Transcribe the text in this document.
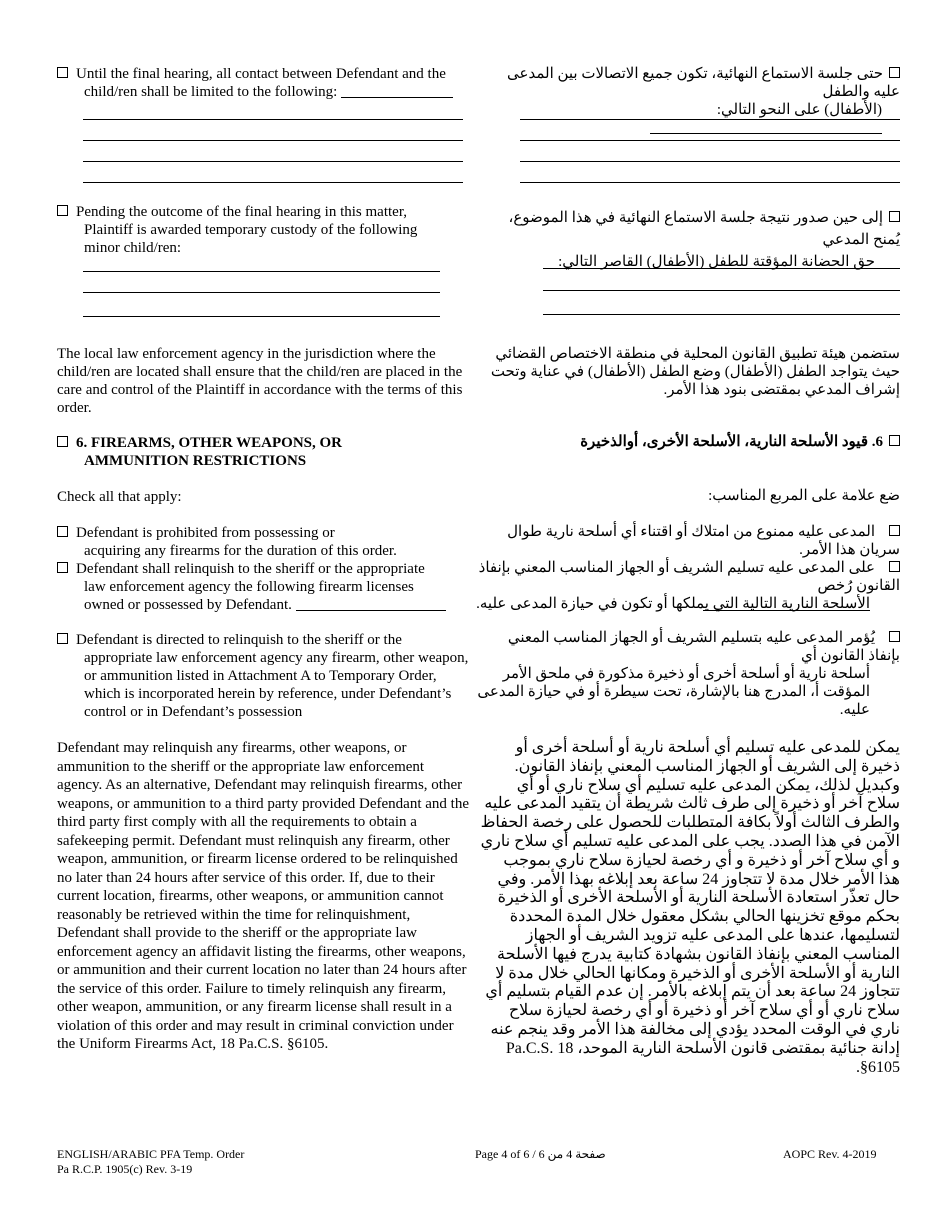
Until the final hearing, all contact between Defendant and the
child/ren shall be limited to the following:
Pending the outcome of the final hearing in this matter,
Plaintiff is awarded temporary custody of the following
minor child/ren:
The local law enforcement agency in the jurisdiction where the child/ren are located shall ensure that the child/ren are placed in the care and control of the Plaintiff in accordance with the terms of this order.
6. FIREARMS, OTHER WEAPONS, OR
AMMUNITION RESTRICTIONS
Check all that apply:
Defendant is prohibited from possessing or
acquiring any firearms for the duration of this order.
Defendant shall relinquish to the sheriff or the appropriate
law enforcement agency the following firearm licenses
owned or possessed by Defendant.
Defendant is directed to relinquish to the sheriff or the
appropriate law enforcement agency any firearm, other weapon, or ammunition listed in Attachment A to Temporary Order, which is incorporated herein by reference, under Defendant’s control or in Defendant’s possession
Defendant may relinquish any firearms, other weapons, or ammunition to the sheriff or the appropriate law enforcement agency. As an alternative, Defendant may relinquish firearms, other weapons, or ammunition to a third party provided Defendant and the third party first comply with all the requirements to obtain a safekeeping permit. Defendant must relinquish any firearm, other weapon, ammunition, or firearm license ordered to be relinquished no later than 24 hours after service of this order. If, due to their current location, firearms, other weapons, or ammunition cannot reasonably be retrieved within the time for relinquishment, Defendant shall provide to the sheriff or the appropriate law enforcement agency an affidavit listing the firearms, other weapons, or ammunition and their current location no later than 24 hours after the service of this order. Failure to timely relinquish any firearm, other weapon, ammunition, or any firearm license shall result in a violation of this order and may result in criminal conviction under the Uniform Firearms Act, 18 Pa.C.S. §6105.
حتى جلسة الاستماع النهائية، تكون جميع الاتصالات بين المدعى عليه والطفل
(الأطفال) على النحو التالي:
إلى حين صدور نتيجة جلسة الاستماع النهائية في هذا الموضوع، يُمنح المدعي
حق الحضانة المؤقتة للطفل (الأطفال) القاصر التالي:
ستضمن هيئة تطبيق القانون المحلية في منطقة الاختصاص القضائي حيث يتواجد الطفل (الأطفال) وضع الطفل (الأطفال) في عناية وتحت إشراف المدعي بمقتضى بنود هذا الأمر.
6. قيود الأسلحة النارية، الأسلحة الأخرى، أوالذخيرة
ضع علامة على المربع المناسب:
المدعى عليه ممنوع من امتلاك أو اقتناء أي أسلحة نارية طوال سريان هذا الأمر.
على المدعى عليه تسليم الشريف أو الجهاز المناسب المعني بإنفاذ القانون رُخص
الأسلحة النارية التالية التي يملكها أو تكون في حيازة المدعى عليه.
يُؤمر المدعى عليه بتسليم الشريف أو الجهاز المناسب المعني بإنفاذ القانون أي
أسلحة نارية أو أسلحة أخرى أو ذخيرة مذكورة في ملحق الأمر المؤقت أ، المدرج هنا بالإشارة، تحت سيطرة أو في حيازة المدعى عليه.
يمكن للمدعى عليه تسليم أي أسلحة نارية أو أسلحة أخرى أو ذخيرة إلى الشريف أو الجهاز المناسب المعني بإنفاذ القانون. وكبديل لذلك، يمكن المدعى عليه تسليم أي سلاح ناري أو أي سلاح آخر أو ذخيرة إلى طرف ثالث شريطة أن يتقيد المدعى عليه والطرف الثالث أولاً بكافة المتطلبات للحصول على رخصة الحفاظ الآمن في هذا الصدد. يجب على المدعى عليه تسليم أي سلاح ناري و أي سلاح آخر أو ذخيرة و أي رخصة لحيازة سلاح ناري بموجب هذا الأمر خلال مدة لا تتجاوز 24 ساعة بعد إبلاغه بهذا الأمر. وفي حال تعذّر استعادة الأسلحة النارية أو الأسلحة الأخرى أو الذخيرة بحكم موقع تخزينها الحالي بشكل معقول خلال المدة المحددة لتسليمها، عندها على المدعى عليه تزويد الشريف أو الجهاز المناسب المعني بإنفاذ القانون بشهادة كتابية يدرج فيها الأسلحة النارية أو الأسلحة الأخرى أو الذخيرة ومكانها الحالي خلال مدة لا تتجاوز 24 ساعة بعد أن يتم إبلاغه بالأمر. إن عدم القيام بتسليم أي سلاح ناري أو أي سلاح آخر أو ذخيرة أو أي رخصة لحيازة سلاح ناري في الوقت المحدد يؤدي إلى مخالفة هذا الأمر وقد ينجم عنه إدانة جنائية بمقتضى قانون الأسلحة النارية الموحد، 18 Pa.C.S. §6105.
ENGLISH/ARABIC PFA Temp. Order
Pa R.C.P. 1905(c) Rev. 3-19
Page 4 of 6 / 6 صفحة 4 من	AOPC Rev. 4-2019
